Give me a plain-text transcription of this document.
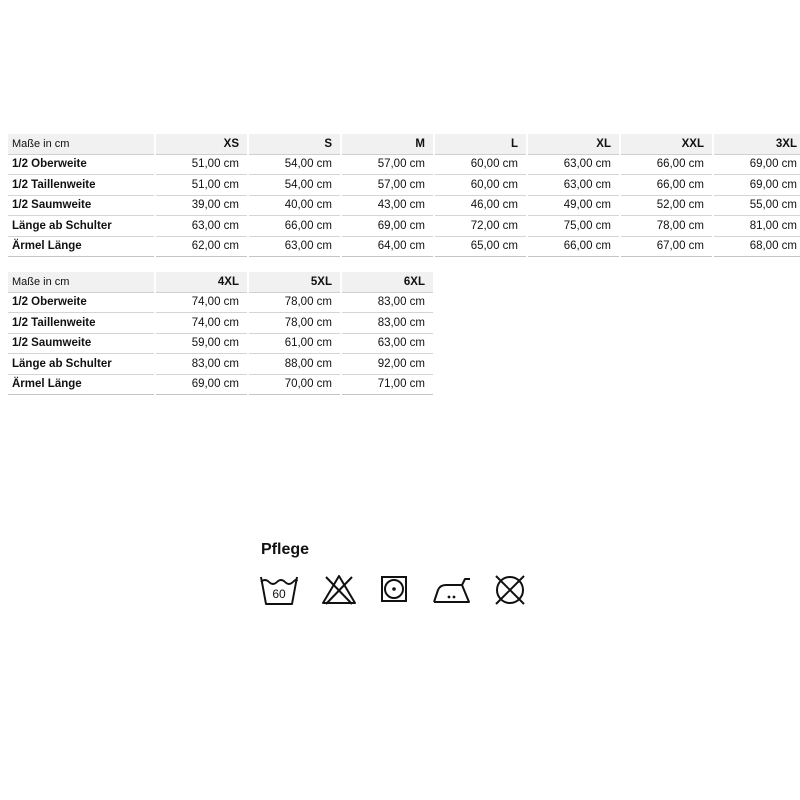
Maße in cm	XS	S	M	L	XL	XXL	3XL
1/2 Oberweite	51,00 cm	54,00 cm	57,00 cm	60,00 cm	63,00 cm	66,00 cm	69,00 cm
1/2 Taillenweite	51,00 cm	54,00 cm	57,00 cm	60,00 cm	63,00 cm	66,00 cm	69,00 cm
1/2 Saumweite	39,00 cm	40,00 cm	43,00 cm	46,00 cm	49,00 cm	52,00 cm	55,00 cm
Länge ab Schulter	63,00 cm	66,00 cm	69,00 cm	72,00 cm	75,00 cm	78,00 cm	81,00 cm
Ärmel Länge	62,00 cm	63,00 cm	64,00 cm	65,00 cm	66,00 cm	67,00 cm	68,00 cm
Maße in cm	4XL	5XL	6XL
1/2 Oberweite	74,00 cm	78,00 cm	83,00 cm
1/2 Taillenweite	74,00 cm	78,00 cm	83,00 cm
1/2 Saumweite	59,00 cm	61,00 cm	63,00 cm
Länge ab Schulter	83,00 cm	88,00 cm	92,00 cm
Ärmel Länge	69,00 cm	70,00 cm	71,00 cm
Pflege
60
